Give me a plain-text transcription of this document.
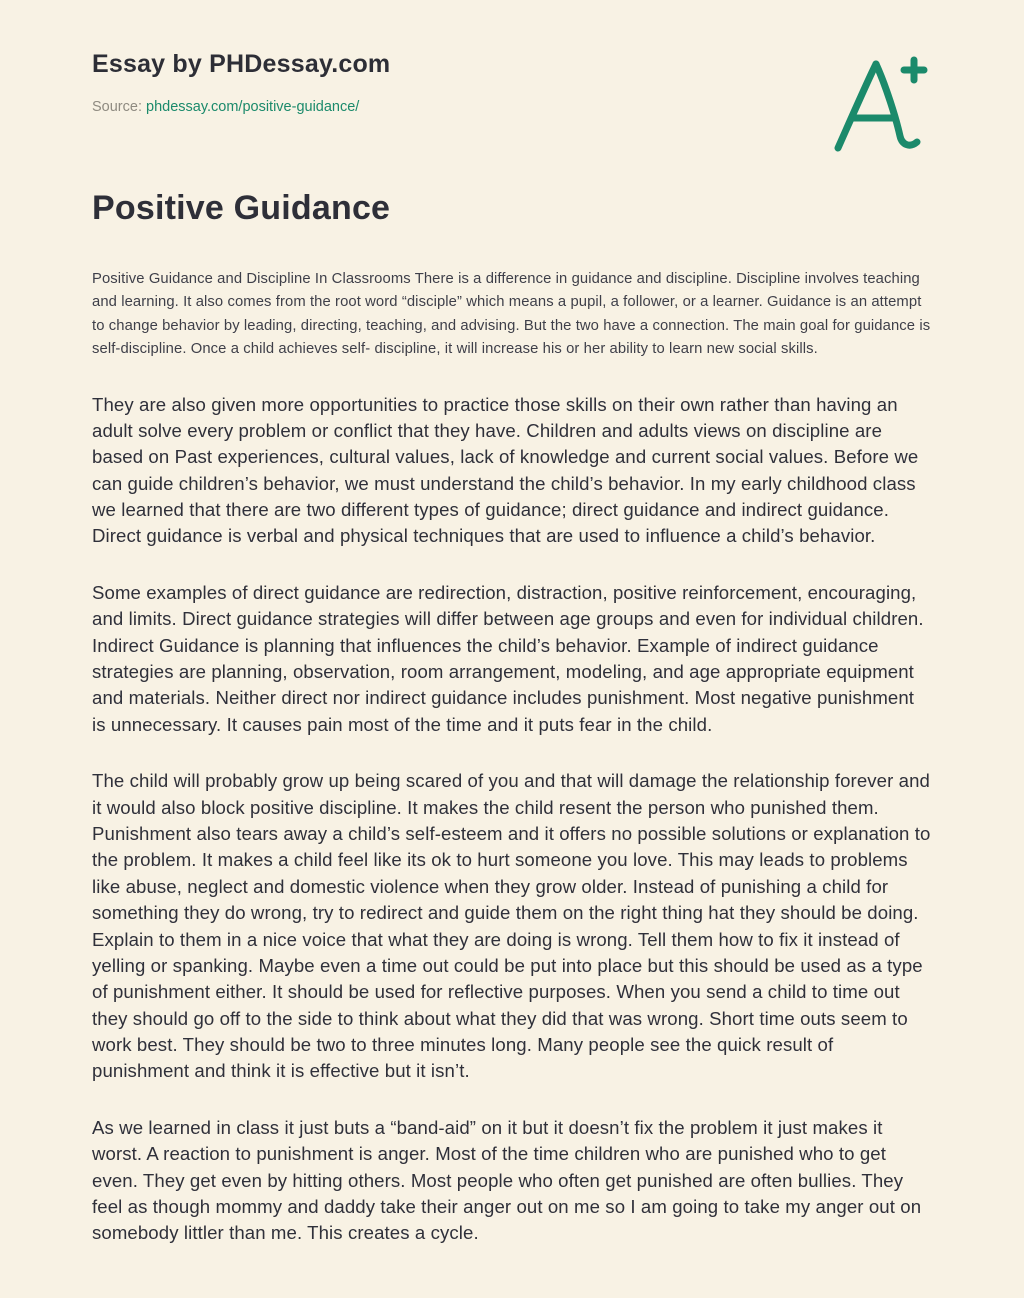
Essay by PHDessay.com
Source: phdessay.com/positive-guidance/
Positive Guidance

Positive Guidance and Discipline In Classrooms There is a difference in guidance and discipline. Discipline involves teaching and learning. It also comes from the root word “disciple” which means a pupil, a follower, or a learner. Guidance is an attempt to change behavior by leading, directing, teaching, and advising. But the two have a connection. The main goal for guidance is self-discipline. Once a child achieves self- discipline, it will increase his or her ability to learn new social skills.

They are also given more opportunities to practice those skills on their own rather than having an adult solve every problem or conflict that they have. Children and adults views on discipline are based on Past experiences, cultural values, lack of knowledge and current social values. Before we can guide children’s behavior, we must understand the child’s behavior. In my early childhood class we learned that there are two different types of guidance; direct guidance and indirect guidance. Direct guidance is verbal and physical techniques that are used to influence a child’s behavior.

Some examples of direct guidance are redirection, distraction, positive reinforcement, encouraging, and limits. Direct guidance strategies will differ between age groups and even for individual children. Indirect Guidance is planning that influences the child’s behavior. Example of indirect guidance strategies are planning, observation, room arrangement, modeling, and age appropriate equipment and materials. Neither direct nor indirect guidance includes punishment. Most negative punishment is unnecessary. It causes pain most of the time and it puts fear in the child.

The child will probably grow up being scared of you and that will damage the relationship forever and it would also block positive discipline. It makes the child resent the person who punished them. Punishment also tears away a child’s self-esteem and it offers no possible solutions or explanation to the problem. It makes a child feel like its ok to hurt someone you love. This may leads to problems like abuse, neglect and domestic violence when they grow older. Instead of punishing a child for something they do wrong, try to redirect and guide them on the right thing hat they should be doing. Explain to them in a nice voice that what they are doing is wrong. Tell them how to fix it instead of yelling or spanking. Maybe even a time out could be put into place but this should be used as a type of punishment either. It should be used for reflective purposes. When you send a child to time out they should go off to the side to think about what they did that was wrong. Short time outs seem to work best. They should be two to three minutes long. Many people see the quick result of punishment and think it is effective but it isn’t.

As we learned in class it just buts a “band-aid” on it but it doesn’t fix the problem it just makes it worst. A reaction to punishment is anger. Most of the time children who are punished who to get even. They get even by hitting others. Most people who often get punished are often bullies. They feel as though mommy and daddy take their anger out on me so I am going to take my anger out on somebody littler than me. This creates a cycle.
